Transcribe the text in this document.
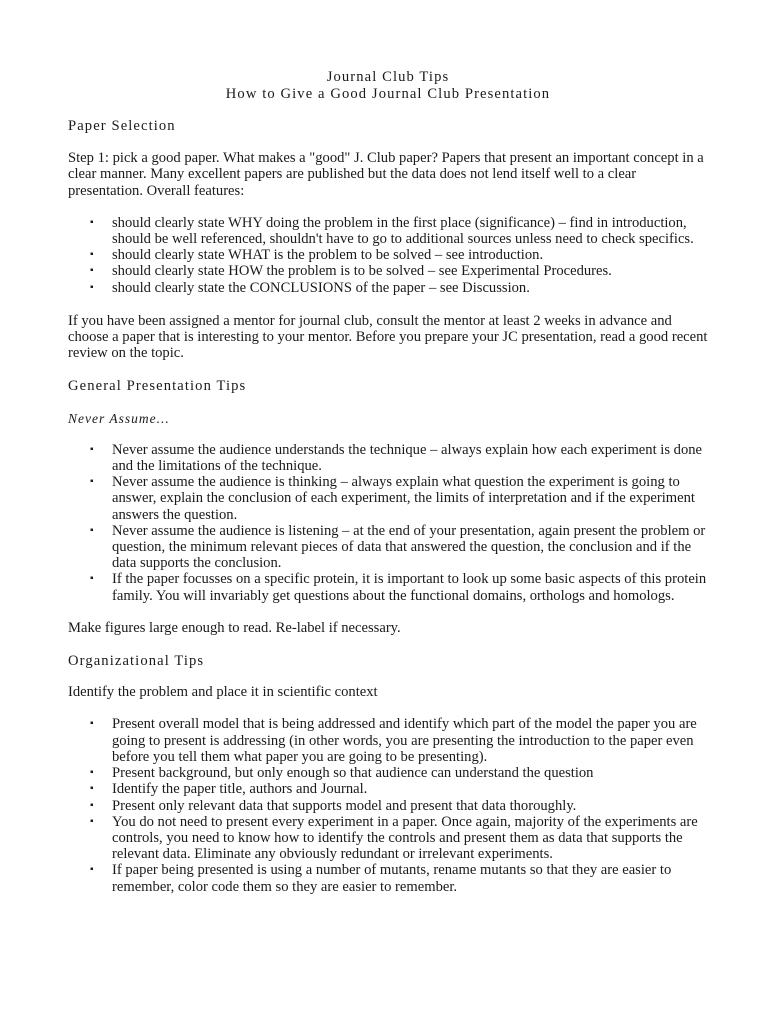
Journal Club Tips
How to Give a Good Journal Club Presentation
Paper Selection

Step 1: pick a good paper. What makes a "good" J. Club paper? Papers that present an important concept in a clear manner. Many excellent papers are published but the data does not lend itself well to a clear presentation. Overall features:

▪ should clearly state WHY doing the problem in the first place (significance) – find in introduction, should be well referenced, shouldn't have to go to additional sources unless need to check specifics.
▪ should clearly state WHAT is the problem to be solved – see introduction.
▪ should clearly state HOW the problem is to be solved – see Experimental Procedures.
▪ should clearly state the CONCLUSIONS of the paper – see Discussion.

If you have been assigned a mentor for journal club, consult the mentor at least 2 weeks in advance and choose a paper that is interesting to your mentor. Before you prepare your JC presentation, read a good recent review on the topic.

General Presentation Tips
Never Assume...
▪ Never assume the audience understands the technique – always explain how each experiment is done and the limitations of the technique.
▪ Never assume the audience is thinking – always explain what question the experiment is going to answer, explain the conclusion of each experiment, the limits of interpretation and if the experiment answers the question.
▪ Never assume the audience is listening – at the end of your presentation, again present the problem or question, the minimum relevant pieces of data that answered the question, the conclusion and if the data supports the conclusion.
▪ If the paper focusses on a specific protein, it is important to look up some basic aspects of this protein family. You will invariably get questions about the functional domains, orthologs and homologs.

Make figures large enough to read. Re-label if necessary.

Organizational Tips

Identify the problem and place it in scientific context

▪ Present overall model that is being addressed and identify which part of the model the paper you are going to present is addressing (in other words, you are presenting the introduction to the paper even before you tell them what paper you are going to be presenting).
▪ Present background, but only enough so that audience can understand the question
▪ Identify the paper title, authors and Journal.
▪ Present only relevant data that supports model and present that data thoroughly.
▪ You do not need to present every experiment in a paper. Once again, majority of the experiments are controls, you need to know how to identify the controls and present them as data that supports the relevant data. Eliminate any obviously redundant or irrelevant experiments.
▪ If paper being presented is using a number of mutants, rename mutants so that they are easier to remember, color code them so they are easier to remember.
